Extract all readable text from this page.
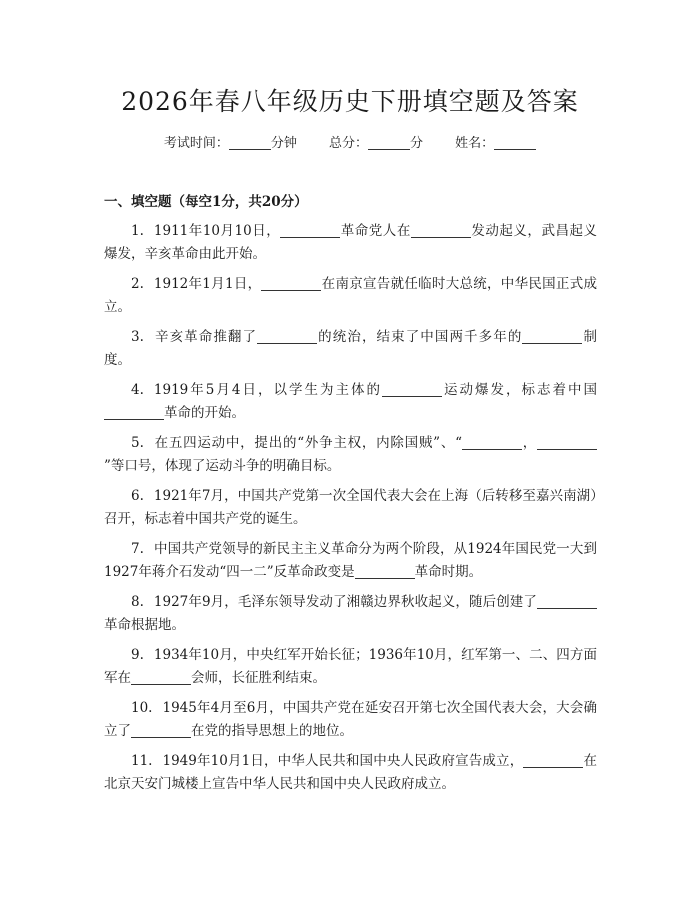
2026年春八年级历史下册填空题及答案
考试时间：	分钟 总分：	分 姓名：
一、填空题（每空1分，共20分）
1. 1911年10月10日，	革命党人在	发动起义，武昌起义爆发，辛亥革命由此开始。
2. 1912年1月1日，	在南京宣告就任临时大总统，中华民国正式成立。
3. 辛亥革命推翻了	的统治，结束了中国两千多年的	制度。
4. 1919年5月4日，以学生为主体的	运动爆发，标志着中国革命的开始。
5. 在五四运动中，提出的“外争主权，内除国贼”、“	，”等口号，体现了运动斗争的明确目标。
6. 1921年7月，中国共产党第一次全国代表大会在上海（后转移至嘉兴南湖）召开，标志着中国共产党的诞生。
7. 中国共产党领导的新民主主义革命分为两个阶段，从1924年国民党一大到1927年蒋介石发动“四一二”反革命政变是	革命时期。
8. 1927年9月，毛泽东领导发动了湘赣边界秋收起义，随后创建了革命根据地。
9. 1934年10月，中央红军开始长征；1936年10月，红军第一、二、四方面军在	会师，长征胜利结束。
10. 1945年4月至6月，中国共产党在延安召开第七次全国代表大会，大会确立了	在党的指导思想上的地位。
11. 1949年10月1日，中华人民共和国中央人民政府宣告成立，	在北京天安门城楼上宣告中华人民共和国中央人民政府成立。
